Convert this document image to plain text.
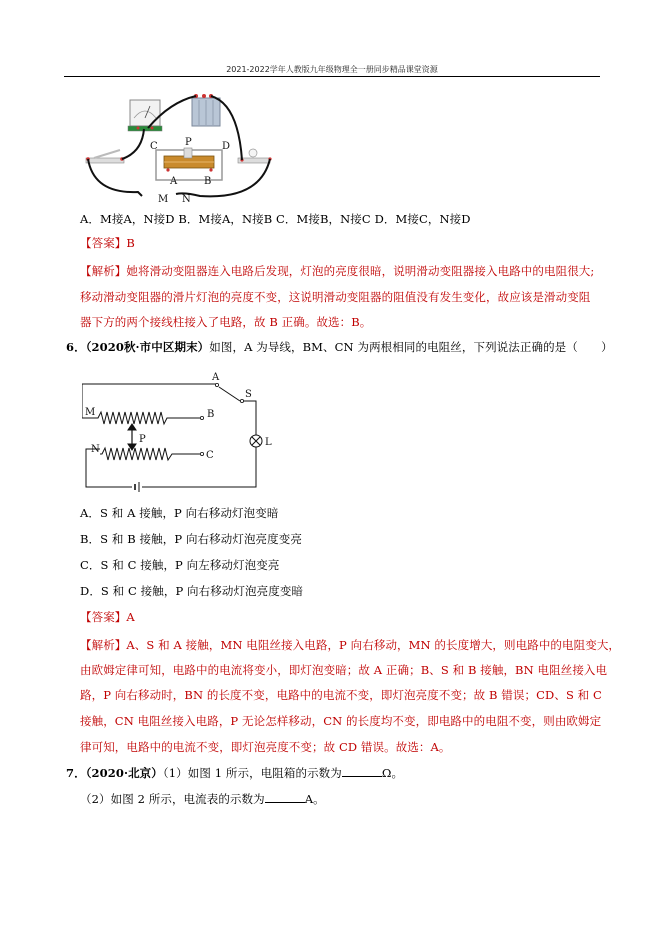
2021-2022学年人教版九年级物理全一册同步精品课堂资源
C	P	D
A	B
M N
A．M接A，N接D B．M接A，N接B C．M接B，N接C D．M接C，N接D
【答案】B
【解析】她将滑动变阻器连入电路后发现，灯泡的亮度很暗，说明滑动变阻器接入电路中的电阻很大;
移动滑动变阻器的滑片灯泡的亮度不变，这说明滑动变阻器的阻值没有发生变化，故应该是滑动变阻
器下方的两个接线柱接入了电路，故 B 正确。故选：B。
6．（2020秋·市中区期末）如图，A 为导线，BM、CN 为两根相同的电阻丝，下列说法正确的是（　　）
A
S
M	B
P	L
N
C
A．S 和 A 接触，P 向右移动灯泡变暗
B．S 和 B 接触，P 向右移动灯泡亮度变亮
C．S 和 C 接触，P 向左移动灯泡变亮
D．S 和 C 接触，P 向右移动灯泡亮度变暗
【答案】A
【解析】A、S 和 A 接触，MN 电阻丝接入电路，P 向右移动，MN 的长度增大，则电路中的电阻变大，
由欧姆定律可知，电路中的电流将变小，即灯泡变暗；故 A 正确；B、S 和 B 接触，BN 电阻丝接入电
路，P 向右移动时，BN 的长度不变，电路中的电流不变，即灯泡亮度不变；故 B 错误；CD、S 和 C
接触，CN 电阻丝接入电路，P 无论怎样移动，CN 的长度均不变，即电路中的电阻不变，则由欧姆定
律可知，电路中的电流不变，即灯泡亮度不变；故 CD 错误。故选：A。
7．（2020·北京）（1）如图 1 所示，电阻箱的示数为	Ω。
（2）如图 2 所示，电流表的示数为	A。
